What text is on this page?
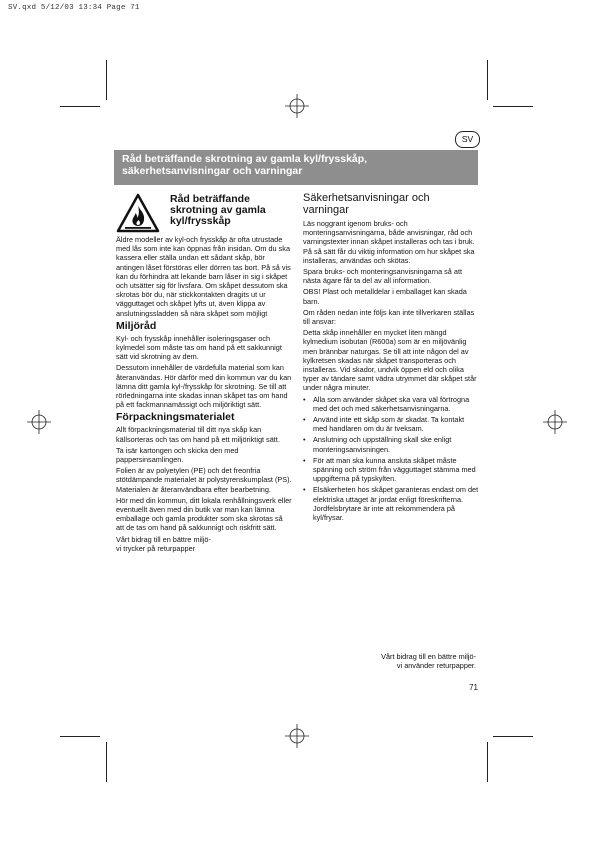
SV.qxd 5/12/03 13:34 Page 71
SV
Råd beträffande skrotning av gamla kyl/frysskåp,
säkerhetsanvisningar och varningar
Råd beträffande
skrotning av gamla
kyl/frysskåp

Äldre modeller av kyl-och frysskåp är ofta utrustade med lås som inte kan öppnas från insidan. Om du ska kassera eller ställa undan ett sådant skåp, bör antingen låset förstöras eller dörren tas bort. På så vis kan du förhindra att lekande barn låser in sig i skåpet och utsätter sig för livsfara. Om skåpet dessutom ska skrotas bör du, när stickkontakten dragits ut ur vägguttaget och skåpet lyfts ut, även klippa av anslutningssladden så nära skåpet som möjligt

Miljöråd

Kyl- och frysskåp innehåller isoleringsgaser och kylmedel som måste tas om hand på ett sakkunnigt sätt vid skrotning av dem.

Dessutom innehåller de värdefulla material som kan återanvändas. Hör därför med din kommun var du kan lämna ditt gamla kyl-/frysskåp för skrotning. Se till att rörledningarna inte skadas innan skåpet tas om hand på ett fackmannamässigt och miljöriktigt sätt.

Förpackningsmaterialet

Allt förpackningsmaterial till ditt nya skåp kan källsorteras och tas om hand på ett miljöriktigt sätt.

Ta isär kartongen och skicka den med pappersinsamlingen.

Folien är av polyetylen (PE) och det freonfria stötdämpande materialet är polystyrenskumplast (PS). Materialen är återanvändbara efter bearbetning.

Hör med din kommun, ditt lokala renhållningsverk eller eventuellt även med din butik var man kan lämna emballage och gamla produkter som ska skrotas så att de tas om hand på sakkunnigt och riskfritt sätt.

Vårt bidrag till en bättre miljö-
vi trycker på returpapper

Säkerhetsanvisningar och
varningar

Läs noggrant igenom bruks- och monteringsanvisningarna, både anvisningar, råd och varningstexter innan skåpet installeras och tas i bruk. På så sätt får du viktig information om hur skåpet ska installeras, användas och skötas.

Spara bruks- och monteringsanvisningarna så att nästa ägare får ta del av all information.

OBS! Plast och metalldelar i emballaget kan skada barn.

Om råden nedan inte följs kan inte tillverkaren ställas till ansvar:

Detta skåp innehåller en mycket liten mängd kylmedium isobutan (R600a) som är en miljövänlig men brännbar naturgas. Se till att inte någon del av kylkretsen skadas när skåpet transporteras och installeras. Vid skador, undvik öppen eld och olika typer av tändare samt vädra utrymmet där skåpet står under några minuter.

•	Alla som använder skåpet ska vara väl förtrogna med det och med säkerhetsanvisningarna.
•	Använd inte ett skåp som är skadat. Ta kontakt med handlaren om du är tveksam.
•	Anslutning och uppställning skall ske enligt monteringsanvisningen.
•	För att man ska kunna ansluta skåpet måste spänning och ström från vägguttaget stämma med uppgifterna på typskylten.
•	Elsäkerheten hos skåpet garanteras endast om det elektriska uttaget är jordat enligt föreskrifterna. Jordfelsbrytare är inte att rekommendera på kyl/frysar.
Vårt bidrag till en bättre miljö-
vi använder returpapper.
71
